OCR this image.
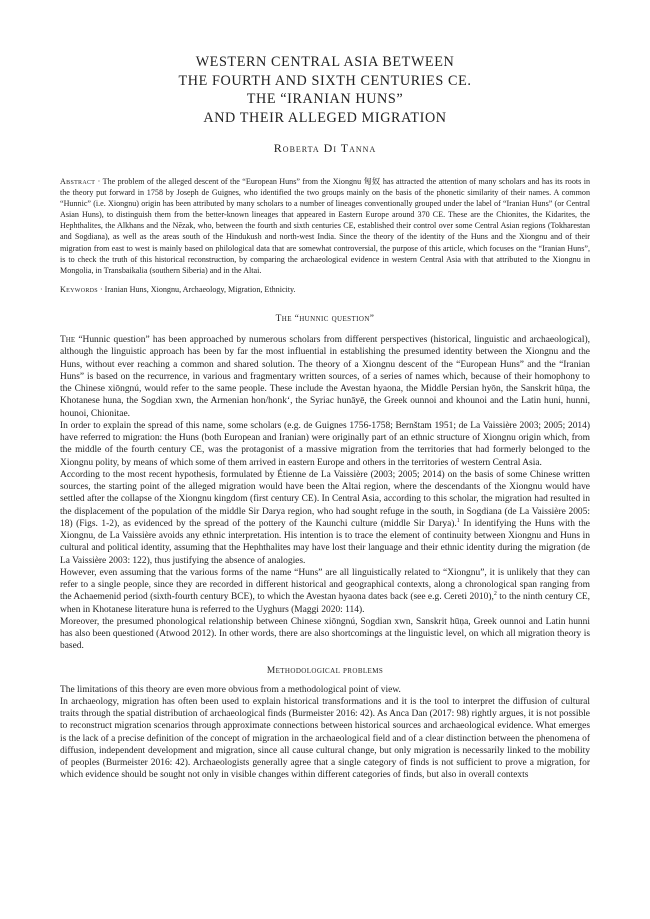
WESTERN CENTRAL ASIA BETWEEN
THE FOURTH AND SIXTH CENTURIES CE.
THE “IRANIAN HUNS”
AND THEIR ALLEGED MIGRATION
Roberta Di Tanna

Abstract · The problem of the alleged descent of the “European Huns” from the Xiongnu 匈奴 has attracted the attention of many scholars and has its roots in the theory put forward in 1758 by Joseph de Guignes, who identified the two groups mainly on the basis of the phonetic similarity of their names. A common “Hunnic” (i.e. Xiongnu) origin has been attributed by many scholars to a number of lineages conventionally grouped under the label of “Iranian Huns” (or Central Asian Huns), to distinguish them from the better-known lineages that appeared in Eastern Europe around 370 CE. These are the Chionites, the Kidarites, the Hephthalites, the Alkhans and the Nēzak, who, between the fourth and sixth centuries CE, established their control over some Central Asian regions (Tokharestan and Sogdiana), as well as the areas south of the Hindukush and north-west India. Since the theory of the identity of the Huns and the Xiongnu and of their migration from east to west is mainly based on philological data that are somewhat controversial, the purpose of this article, which focuses on the “Iranian Huns”, is to check the truth of this historical reconstruction, by comparing the archaeological evidence in western Central Asia with that attributed to the Xiongnu in Mongolia, in Transbaikalia (southern Siberia) and in the Altai.

Keywords · Iranian Huns, Xiongnu, Archaeology, Migration, Ethnicity.

The “hunnic question”

The “Hunnic question” has been approached by numerous scholars from different perspectives (historical, linguistic and archaeological), although the linguistic approach has been by far the most influential in establishing the presumed identity between the Xiongnu and the Huns, without ever reaching a common and shared solution. The theory of a Xiongnu descent of the “European Huns” and the “Iranian Huns” is based on the recurrence, in various and fragmentary written sources, of a series of names which, because of their homophony to the Chinese xiōngnú, would refer to the same people. These include the Avestan hyaona, the Middle Persian hyōn, the Sanskrit hūṇa, the Khotanese huna, the Sogdian xwn, the Armenian hon/honkʻ, the Syriac hunāyē, the Greek ounnoi and khounoi and the Latin huni, hunni, hounoi, Chionitae.

In order to explain the spread of this name, some scholars (e.g. de Guignes 1756-1758; Bernštam 1951; de La Vaissière 2003; 2005; 2014) have referred to migration: the Huns (both European and Iranian) were originally part of an ethnic structure of Xiongnu origin which, from the middle of the fourth century CE, was the protagonist of a massive migration from the territories that had formerly belonged to the Xiongnu polity, by means of which some of them arrived in eastern Europe and others in the territories of western Central Asia.

According to the most recent hypothesis, formulated by Étienne de La Vaissière (2003; 2005; 2014) on the basis of some Chinese written sources, the starting point of the alleged migration would have been the Altai region, where the descendants of the Xiongnu would have settled after the collapse of the Xiongnu kingdom (first century CE). In Central Asia, according to this scholar, the migration had resulted in the displacement of the population of the middle Sir Darya region, who had sought refuge in the south, in Sogdiana (de La Vaissière 2005: 18) (Figs. 1-2), as evidenced by the spread of the pottery of the Kaunchi culture (middle Sir Darya).$^1$ In identifying the Huns with the Xiongnu, de La Vaissière avoids any ethnic interpretation. His intention is to trace the element of continuity between Xiongnu and Huns in cultural and political identity, assuming that the Hephthalites may have lost their language and their ethnic identity during the migration (de La Vaissière 2003: 122), thus justifying the absence of analogies.

However, even assuming that the various forms of the name “Huns” are all linguistically related to “Xiongnu”, it is unlikely that they can refer to a single people, since they are recorded in different historical and geographical contexts, along a chronological span ranging from the Achaemenid period (sixth-fourth century BCE), to which the Avestan hyaona dates back (see e.g. Cereti 2010),$^2$ to the ninth century CE, when in Khotanese literature huna is referred to the Uyghurs (Maggi 2020: 114).

Moreover, the presumed phonological relationship between Chinese xiōngnú, Sogdian xwn, Sanskrit hūṇa, Greek ounnoi and Latin hunni has also been questioned (Atwood 2012). In other words, there are also shortcomings at the linguistic level, on which all migration theory is based.

Methodological problems

The limitations of this theory are even more obvious from a methodological point of view.

In archaeology, migration has often been used to explain historical transformations and it is the tool to interpret the diffusion of cultural traits through the spatial distribution of archaeological finds (Burmeister 2016: 42). As Anca Dan (2017: 98) rightly argues, it is not possible to reconstruct migration scenarios through approximate connections between historical sources and archaeological evidence. What emerges is the lack of a precise definition of the concept of migration in the archaeological field and of a clear distinction between the phenomena of diffusion, independent development and migration, since all cause cultural change, but only migration is necessarily linked to the mobility of peoples (Burmeister 2016: 42). Archaeologists generally agree that a single category of finds is not sufficient to prove a migration, for which evidence should be sought not only in visible changes within different categories of finds, but also in overall contexts
